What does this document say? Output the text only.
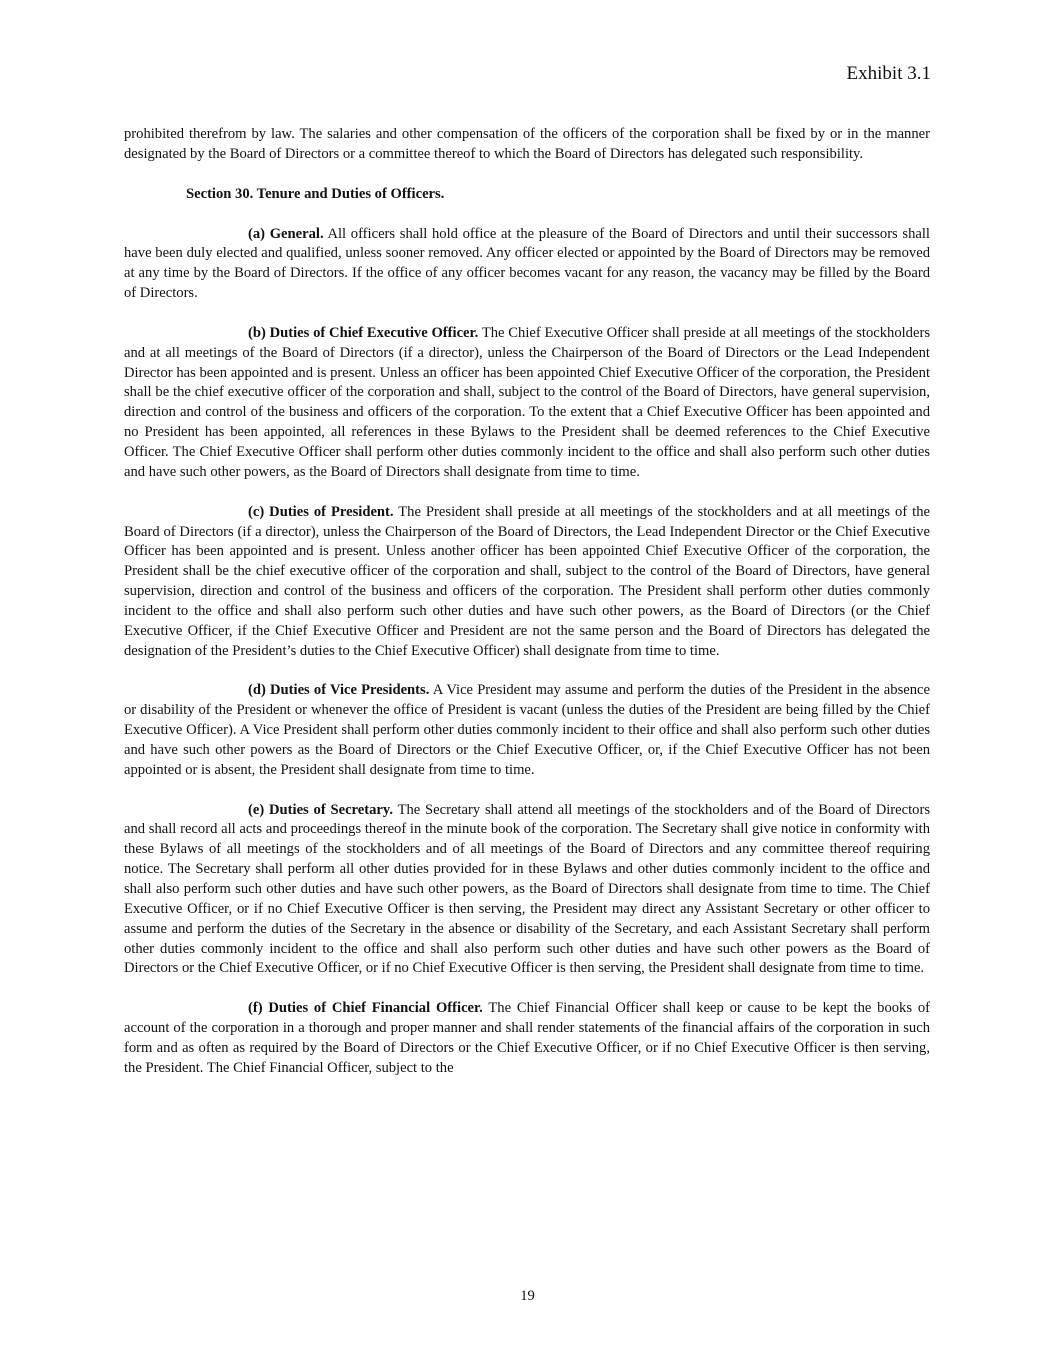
Exhibit 3.1

prohibited therefrom by law. The salaries and other compensation of the officers of the corporation shall be fixed by or in the manner designated by the Board of Directors or a committee thereof to which the Board of Directors has delegated such responsibility.

Section 30. Tenure and Duties of Officers.

(a) General. All officers shall hold office at the pleasure of the Board of Directors and until their successors shall have been duly elected and qualified, unless sooner removed. Any officer elected or appointed by the Board of Directors may be removed at any time by the Board of Directors. If the office of any officer becomes vacant for any reason, the vacancy may be filled by the Board of Directors.

(b) Duties of Chief Executive Officer. The Chief Executive Officer shall preside at all meetings of the stockholders and at all meetings of the Board of Directors (if a director), unless the Chairperson of the Board of Directors or the Lead Independent Director has been appointed and is present. Unless an officer has been appointed Chief Executive Officer of the corporation, the President shall be the chief executive officer of the corporation and shall, subject to the control of the Board of Directors, have general supervision, direction and control of the business and officers of the corporation. To the extent that a Chief Executive Officer has been appointed and no President has been appointed, all references in these Bylaws to the President shall be deemed references to the Chief Executive Officer. The Chief Executive Officer shall perform other duties commonly incident to the office and shall also perform such other duties and have such other powers, as the Board of Directors shall designate from time to time.

(c) Duties of President. The President shall preside at all meetings of the stockholders and at all meetings of the Board of Directors (if a director), unless the Chairperson of the Board of Directors, the Lead Independent Director or the Chief Executive Officer has been appointed and is present. Unless another officer has been appointed Chief Executive Officer of the corporation, the President shall be the chief executive officer of the corporation and shall, subject to the control of the Board of Directors, have general supervision, direction and control of the business and officers of the corporation. The President shall perform other duties commonly incident to the office and shall also perform such other duties and have such other powers, as the Board of Directors (or the Chief Executive Officer, if the Chief Executive Officer and President are not the same person and the Board of Directors has delegated the designation of the President’s duties to the Chief Executive Officer) shall designate from time to time.

(d) Duties of Vice Presidents. A Vice President may assume and perform the duties of the President in the absence or disability of the President or whenever the office of President is vacant (unless the duties of the President are being filled by the Chief Executive Officer). A Vice President shall perform other duties commonly incident to their office and shall also perform such other duties and have such other powers as the Board of Directors or the Chief Executive Officer, or, if the Chief Executive Officer has not been appointed or is absent, the President shall designate from time to time.

(e) Duties of Secretary. The Secretary shall attend all meetings of the stockholders and of the Board of Directors and shall record all acts and proceedings thereof in the minute book of the corporation. The Secretary shall give notice in conformity with these Bylaws of all meetings of the stockholders and of all meetings of the Board of Directors and any committee thereof requiring notice. The Secretary shall perform all other duties provided for in these Bylaws and other duties commonly incident to the office and shall also perform such other duties and have such other powers, as the Board of Directors shall designate from time to time. The Chief Executive Officer, or if no Chief Executive Officer is then serving, the President may direct any Assistant Secretary or other officer to assume and perform the duties of the Secretary in the absence or disability of the Secretary, and each Assistant Secretary shall perform other duties commonly incident to the office and shall also perform such other duties and have such other powers as the Board of Directors or the Chief Executive Officer, or if no Chief Executive Officer is then serving, the President shall designate from time to time.

(f) Duties of Chief Financial Officer. The Chief Financial Officer shall keep or cause to be kept the books of account of the corporation in a thorough and proper manner and shall render statements of the financial affairs of the corporation in such form and as often as required by the Board of Directors or the Chief Executive Officer, or if no Chief Executive Officer is then serving, the President. The Chief Financial Officer, subject to the

19
